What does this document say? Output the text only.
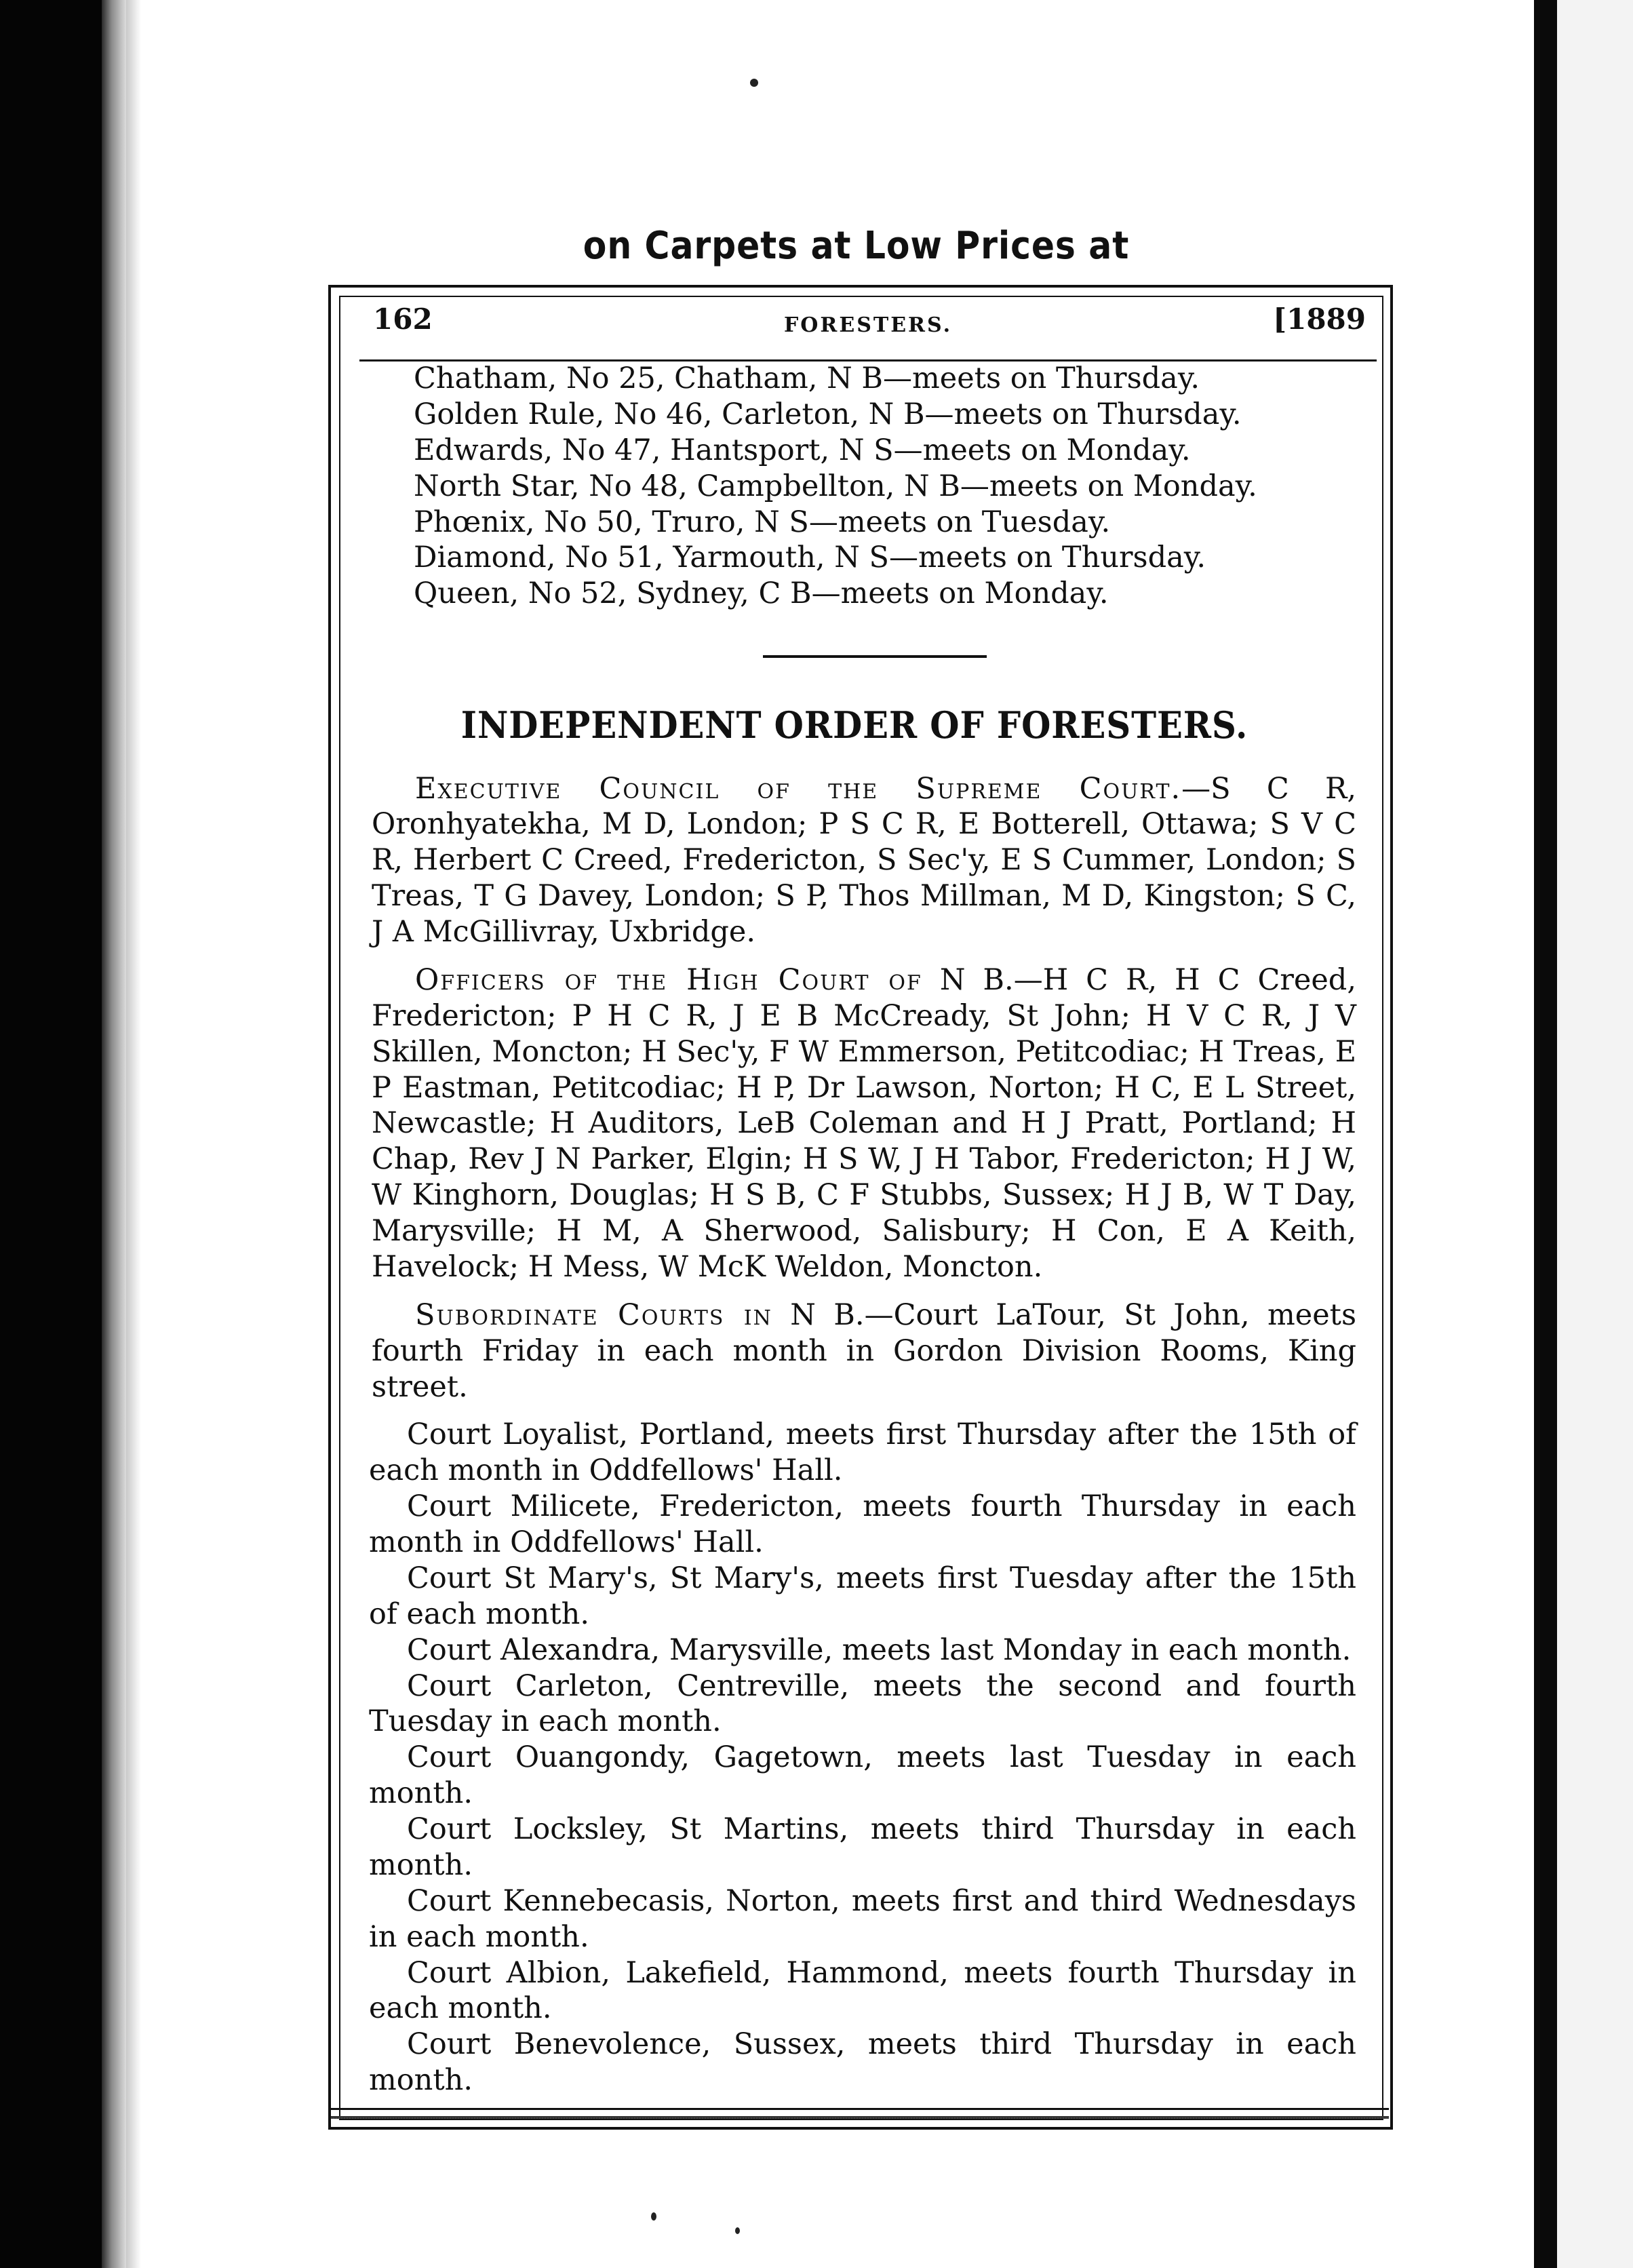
on Carpets at Low Prices at
162	FORESTERS.	[1889
Chatham, No 25, Chatham, N B—meets on Thursday.
Golden Rule, No 46, Carleton, N B—meets on Thursday.
Edwards, No 47, Hantsport, N S—meets on Monday.
North Star, No 48, Campbellton, N B—meets on Monday.
Phœnix, No 50, Truro, N S—meets on Tuesday.
Diamond, No 51, Yarmouth, N S—meets on Thursday.
Queen, No 52, Sydney, C B—meets on Monday.
INDEPENDENT ORDER OF FORESTERS.

Executive Council of the Supreme Court.—S C R, Oronhyatekha, M D, London; P S C R, E Botterell, Ottawa; S V C R, Herbert C Creed, Fredericton, S Sec'y, E S Cummer, London; S Treas, T G Davey, London; S P, Thos Millman, M D, Kingston; S C, J A McGillivray, Uxbridge.

Officers of the High Court of N B.—H C R, H C Creed, Fredericton; P H C R, J E B McCready, St John; H V C R, J V Skillen, Moncton; H Sec'y, F W Emmerson, Petitcodiac; H Treas, E P Eastman, Petitcodiac; H P, Dr Lawson, Norton; H C, E L Street, Newcastle; H Auditors, LeB Coleman and H J Pratt, Portland; H Chap, Rev J N Parker, Elgin; H S W, J H Tabor, Fredericton; H J W, W Kinghorn, Douglas; H S B, C F Stubbs, Sussex; H J B, W T Day, Marysville; H M, A Sherwood, Salisbury; H Con, E A Keith, Havelock; H Mess, W McK Weldon, Moncton.

Subordinate Courts in N B.—Court LaTour, St John, meets fourth Friday in each month in Gordon Division Rooms, King street.

Court Loyalist, Portland, meets first Thursday after the 15th of each month in Oddfellows' Hall.

Court Milicete, Fredericton, meets fourth Thursday in each month in Oddfellows' Hall.

Court St Mary's, St Mary's, meets first Tuesday after the 15th of each month.

Court Alexandra, Marysville, meets last Monday in each month.

Court Carleton, Centreville, meets the second and fourth Tuesday in each month.

Court Ouangondy, Gagetown, meets last Tuesday in each month.

Court Locksley, St Martins, meets third Thursday in each month.

Court Kennebecasis, Norton, meets first and third Wednesdays in each month.

Court Albion, Lakefield, Hammond, meets fourth Thursday in each month.

Court Benevolence, Sussex, meets third Thursday in each month.
